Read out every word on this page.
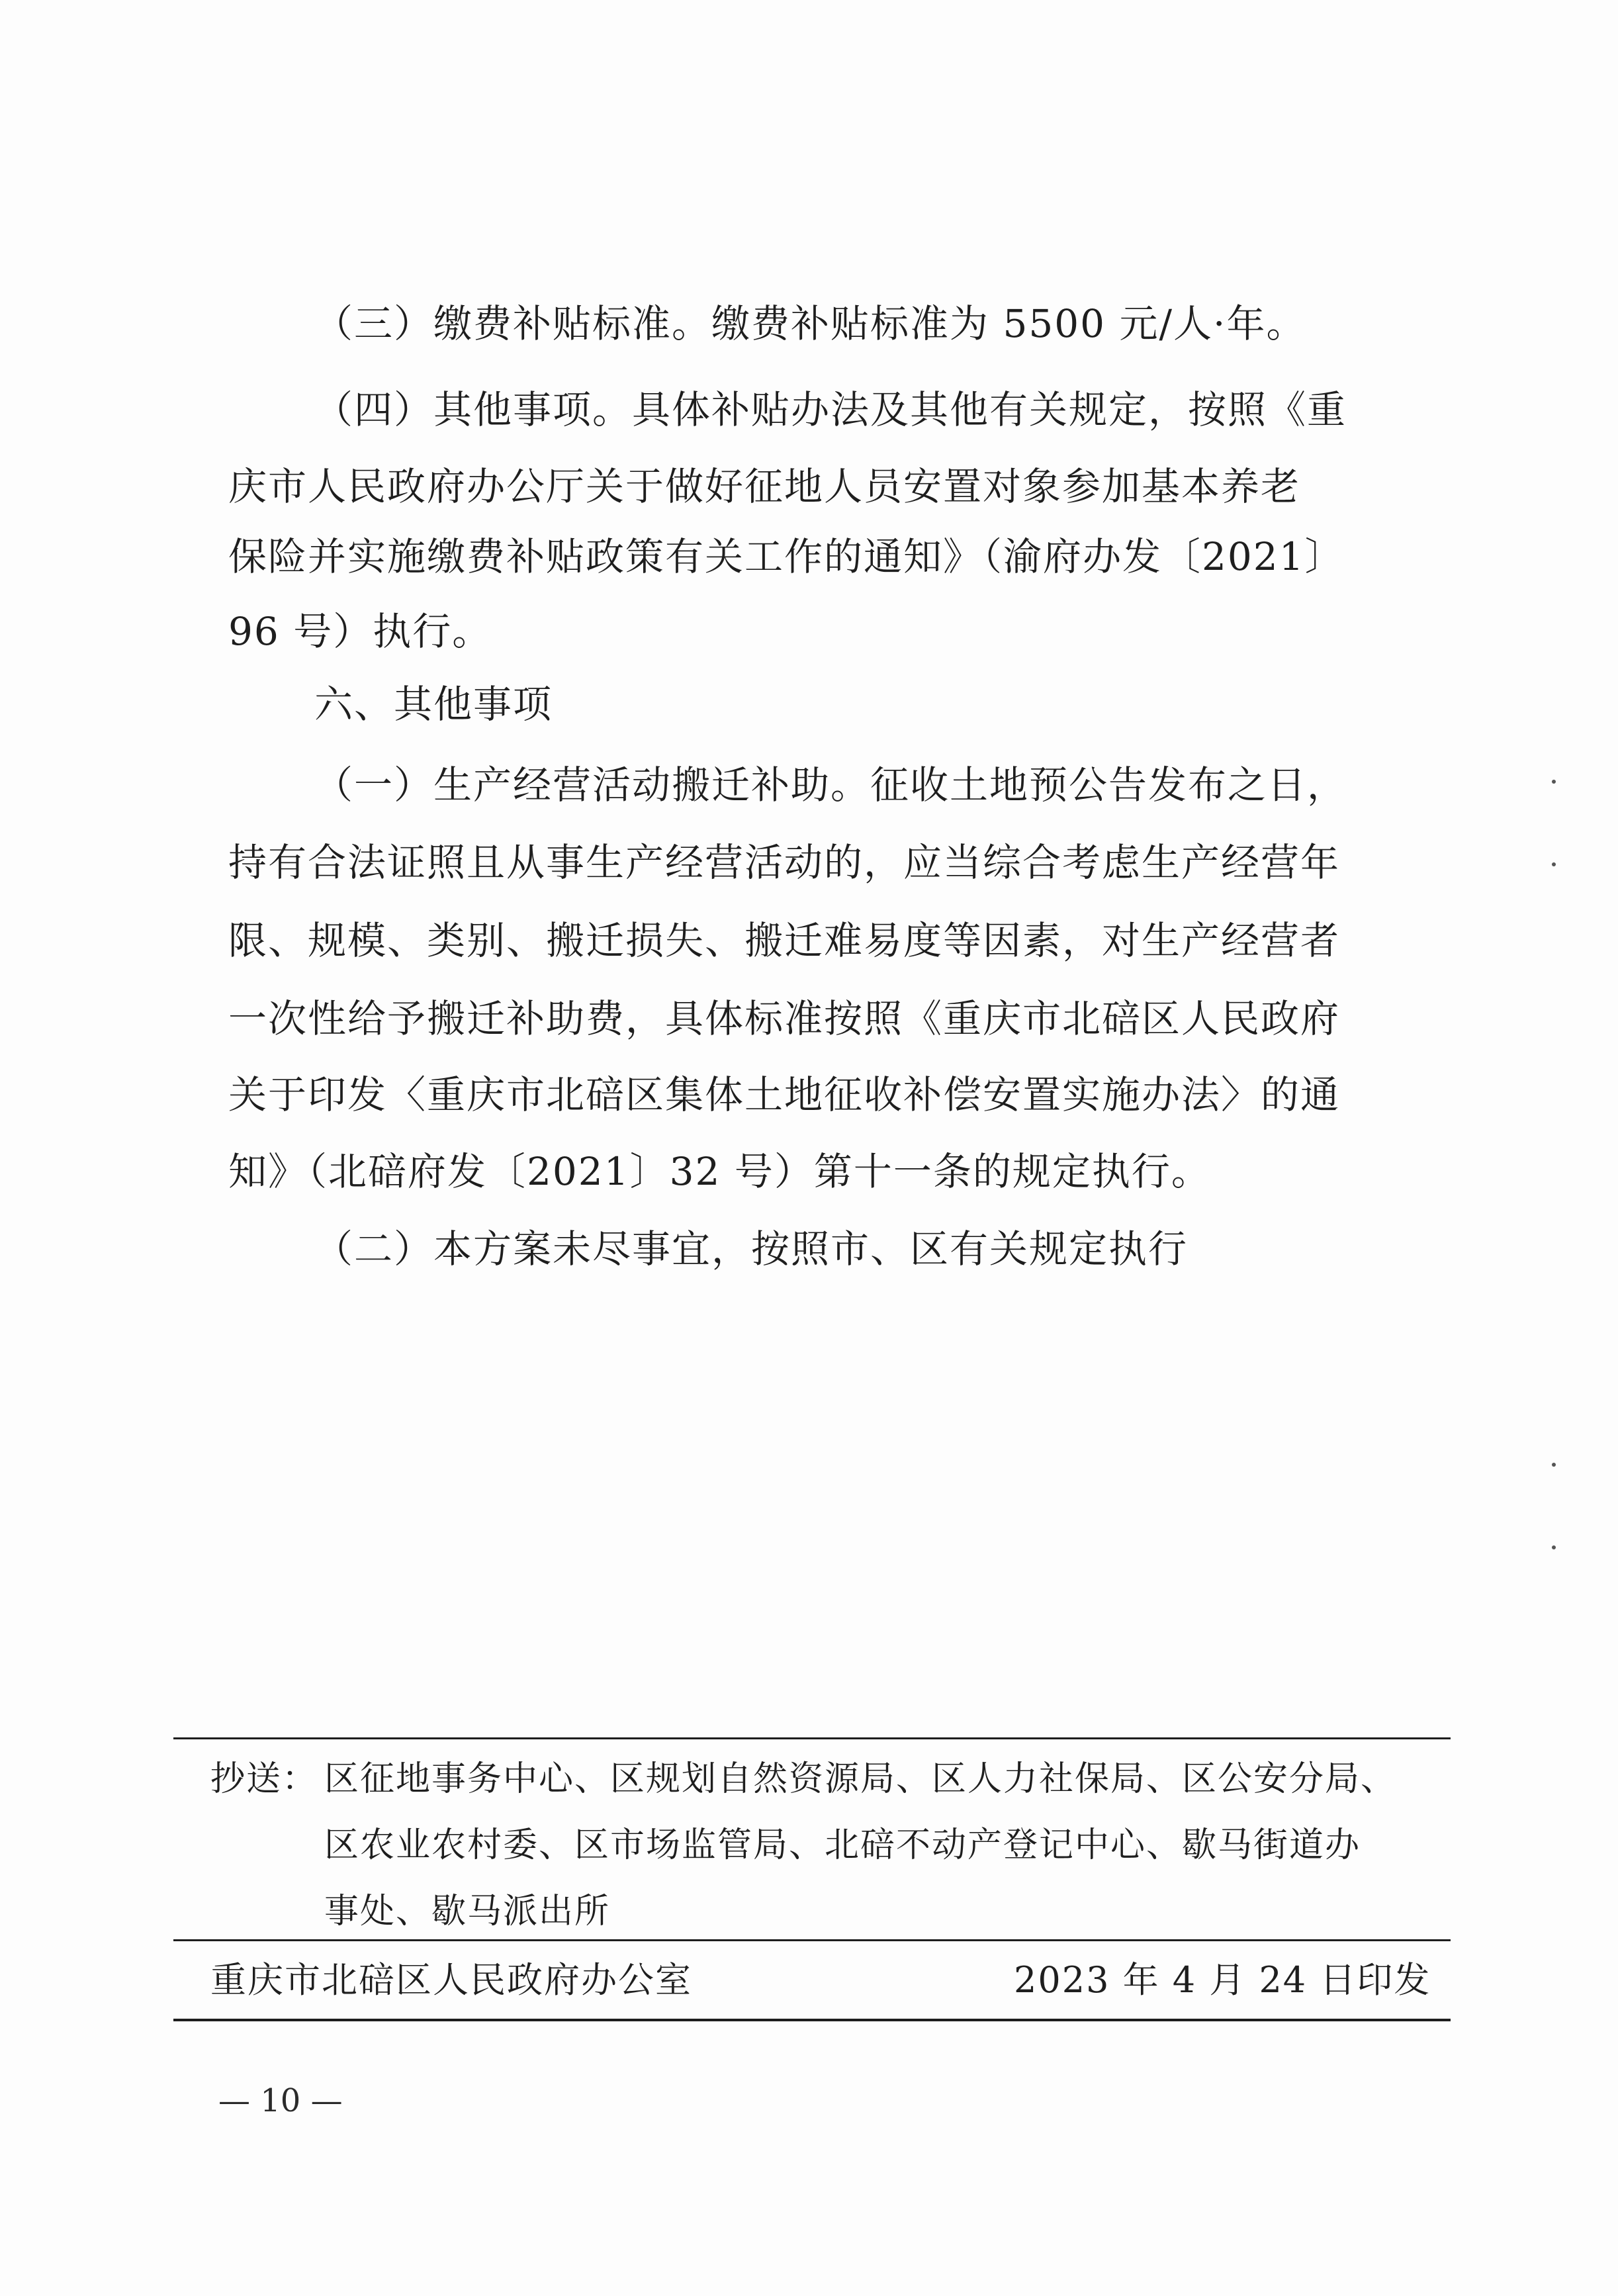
（三）缴费补贴标准。缴费补贴标准为 5500 元/人·年。
（四）其他事项。具体补贴办法及其他有关规定，按照《重
庆市人民政府办公厅关于做好征地人员安置对象参加基本养老
保险并实施缴费补贴政策有关工作的通知》（渝府办发〔2021〕
96 号）执行。
六、其他事项
（一）生产经营活动搬迁补助。征收土地预公告发布之日，
持有合法证照且从事生产经营活动的，应当综合考虑生产经营年
限、规模、类别、搬迁损失、搬迁难易度等因素，对生产经营者
一次性给予搬迁补助费，具体标准按照《重庆市北碚区人民政府
关于印发〈重庆市北碚区集体土地征收补偿安置实施办法〉的通
知》（北碚府发〔2021〕32 号）第十一条的规定执行。
（二）本方案未尽事宜，按照市、区有关规定执行
抄送： 区征地事务中心、区规划自然资源局、区人力社保局、区公安分局、
区农业农村委、区市场监管局、北碚不动产登记中心、歇马街道办
事处、歇马派出所
重庆市北碚区人民政府办公室	2023 年 4 月 24 日印发
— 10 —
